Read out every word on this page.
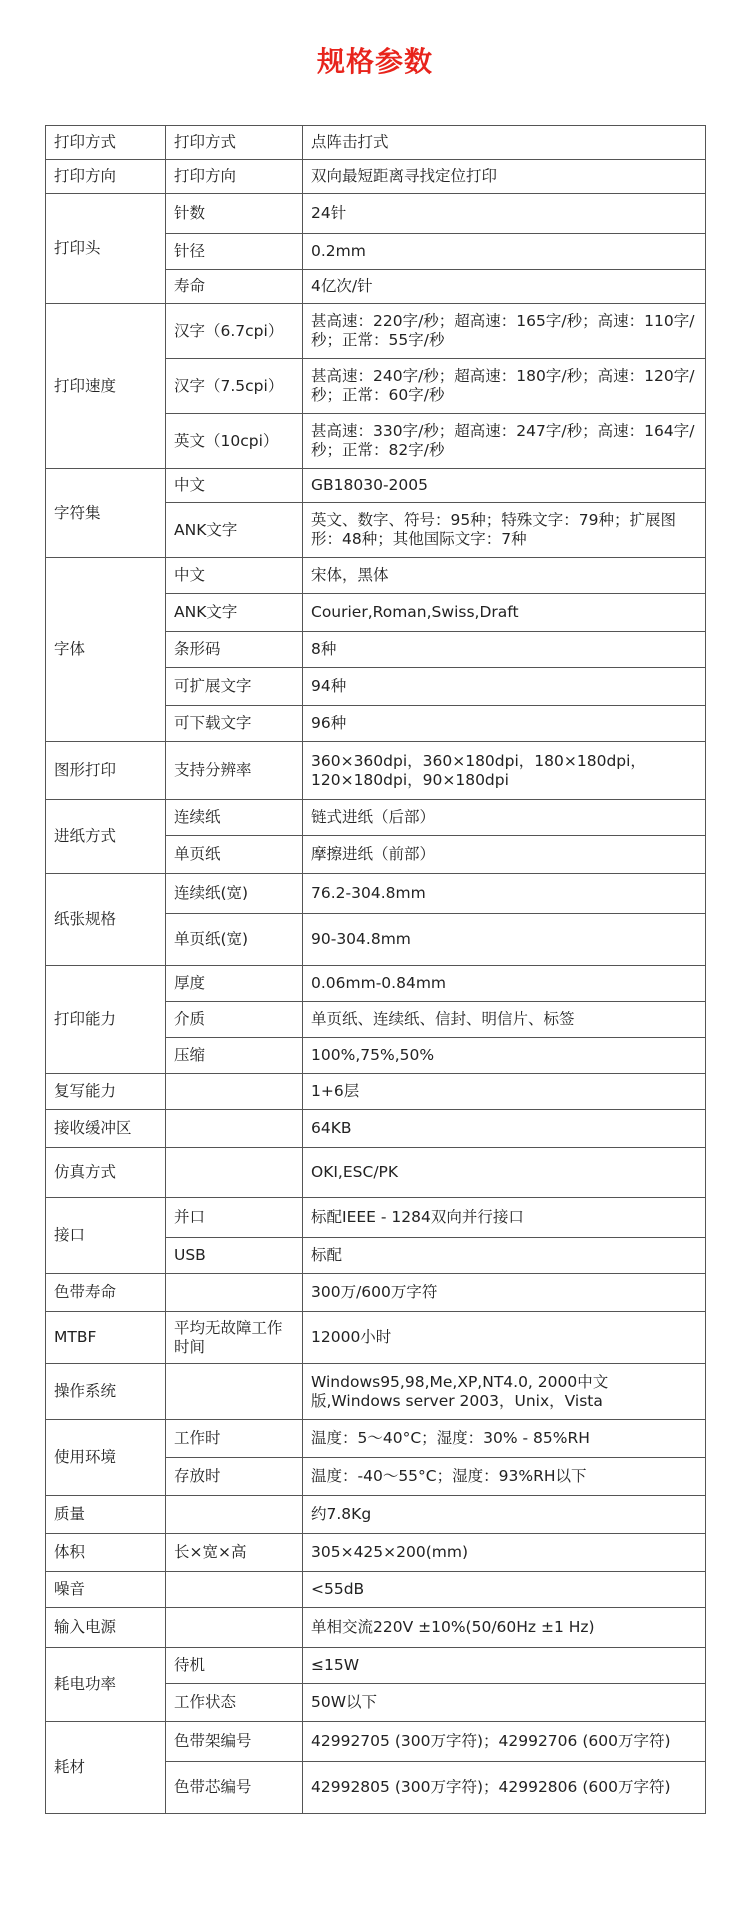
规格参数
打印方式	打印方式	点阵击打式
打印方向	打印方向	双向最短距离寻找定位打印
打印头	针数	24针
	针径	0.2mm
	寿命	4亿次/针
打印速度	汉字（6.7cpi）	甚高速：220字/秒；超高速：165字/秒；高速：110字/秒；正常：55字/秒
	汉字（7.5cpi）	甚高速：240字/秒；超高速：180字/秒；高速：120字/秒；正常：60字/秒
	英文（10cpi）	甚高速：330字/秒；超高速：247字/秒；高速：164字/秒；正常：82字/秒
字符集	中文	GB18030-2005
	ANK文字	英文、数字、符号：95种；特殊文字：79种；扩展图形：48种；其他国际文字：7种
字体	中文	宋体，黑体
	ANK文字	Courier,Roman,Swiss,Draft
	条形码	8种
	可扩展文字	94种
	可下载文字	96种
图形打印	支持分辨率	360×360dpi，360×180dpi，180×180dpi，120×180dpi，90×180dpi
进纸方式	连续纸	链式进纸（后部）
	单页纸	摩擦进纸（前部）
纸张规格	连续纸(宽)	76.2-304.8mm
	单页纸(宽)	90-304.8mm
打印能力	厚度	0.06mm-0.84mm
	介质	单页纸、连续纸、信封、明信片、标签
	压缩	100%,75%,50%
复写能力		1+6层
接收缓冲区		64KB
仿真方式		OKI,ESC/PK
接口	并口	标配IEEE - 1284双向并行接口
	USB	标配
色带寿命		300万/600万字符
MTBF	平均无故障工作时间	12000小时
操作系统		Windows95,98,Me,XP,NT4.0, 2000中文版,Windows server 2003，Unix，Vista
使用环境	工作时	温度：5～40°C；湿度：30% - 85%RH
	存放时	温度：-40～55°C；湿度：93%RH以下
质量		约7.8Kg
体积	长×宽×高	305×425×200(mm)
噪音		<55dB
输入电源		单相交流220V ±10%(50/60Hz ±1 Hz)
耗电功率	待机	≤15W
	工作状态	50W以下
耗材	色带架编号	42992705 (300万字符)；42992706 (600万字符)
	色带芯编号	42992805 (300万字符)；42992806 (600万字符)
